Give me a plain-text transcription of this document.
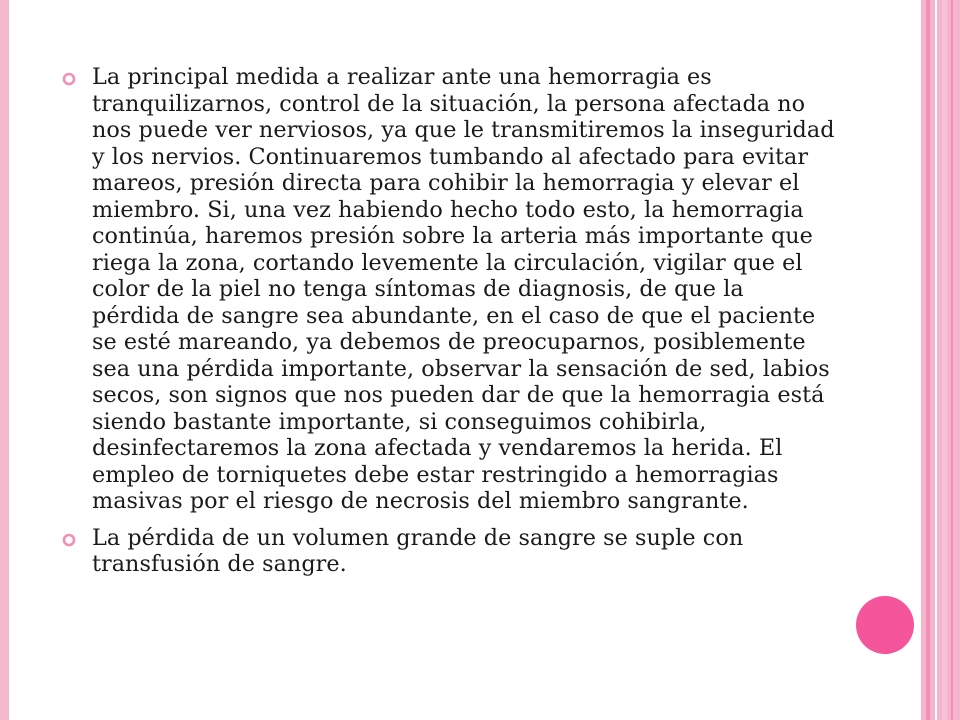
La principal medida a realizar ante una hemorragia es tranquilizarnos, control de la situación, la persona afectada no nos puede ver nerviosos, ya que le transmitiremos la inseguridad y los nervios. Continuaremos tumbando al afectado para evitar mareos, presión directa para cohibir la hemorragia y elevar el miembro. Si, una vez habiendo hecho todo esto, la hemorragia continúa, haremos presión sobre la arteria más importante que riega la zona, cortando levemente la circulación, vigilar que el color de la piel no tenga síntomas de diagnosis, de que la pérdida de sangre sea abundante, en el caso de que el paciente se esté mareando, ya debemos de preocuparnos, posiblemente sea una pérdida importante, observar la sensación de sed, labios secos, son signos que nos pueden dar de que la hemorragia está siendo bastante importante, si conseguimos cohibirla, desinfectaremos la zona afectada y vendaremos la herida. El empleo de torniquetes debe estar restringido a hemorragias masivas por el riesgo de necrosis del miembro sangrante.
La pérdida de un volumen grande de sangre se suple con transfusión de sangre.
